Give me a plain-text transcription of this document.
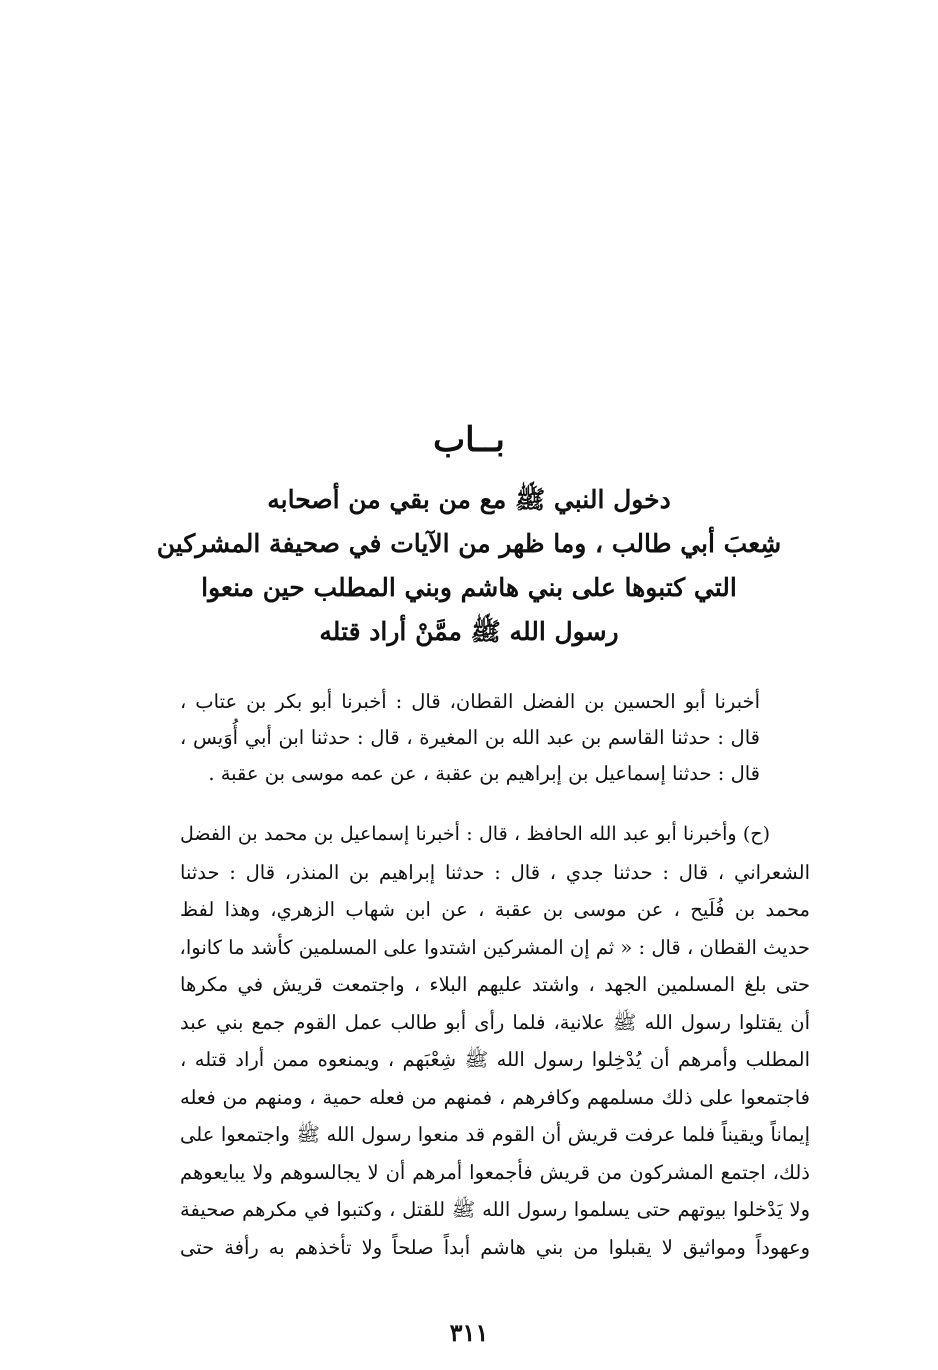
بــاب
دخول النبي ﷺ مع من بقي من أصحابه
شِعبَ أبي طالب ، وما ظهر من الآيات في صحيفة المشركين
التي كتبوها على بني هاشم وبني المطلب حين منعوا
رسول الله ﷺ ممَّنْ أراد قتله
أخبرنا أبو الحسين بن الفضل القطان، قال : أخبرنا أبو بكر بن عتاب ،
قال : حدثنا القاسم بن عبد الله بن المغيرة ، قال : حدثنا ابن أبي أُوَيس ،
قال : حدثنا إسماعيل بن إبراهيم بن عقبة ، عن عمه موسى بن عقبة .
(ح) وأخبرنا أبو عبد الله الحافظ ، قال : أخبرنا إسماعيل بن محمد بن الفضل
الشعراني ، قال : حدثنا جدي ، قال : حدثنا إبراهيم بن المنذر، قال : حدثنا
محمد بن فُلَيح ، عن موسى بن عقبة ، عن ابن شهاب الزهري، وهذا لفظ
حديث القطان ، قال : « ثم إن المشركين اشتدوا على المسلمين كأشد ما كانوا،
حتى بلغ المسلمين الجهد ، واشتد عليهم البلاء ، واجتمعت قريش في مكرها
أن يقتلوا رسول الله ﷺ علانية، فلما رأى أبو طالب عمل القوم جمع بني عبد
المطلب وأمرهم أن يُدْخِلوا رسول الله ﷺ شِعْبَهم ، ويمنعوه ممن أراد قتله ،
فاجتمعوا على ذلك مسلمهم وكافرهم ، فمنهم من فعله حمية ، ومنهم من فعله
إيماناً ويقيناً فلما عرفت قريش أن القوم قد منعوا رسول الله ﷺ واجتمعوا على
ذلك، اجتمع المشركون من قريش فأجمعوا أمرهم أن لا يجالسوهم ولا يبايعوهم
ولا يَدْخلوا بيوتهم حتى يسلموا رسول الله ﷺ للقتل ، وكتبوا في مكرهم صحيفة
وعهوداً ومواثيق لا يقبلوا من بني هاشم أبداً صلحاً ولا تأخذهم به رأفة حتى
٣١١
